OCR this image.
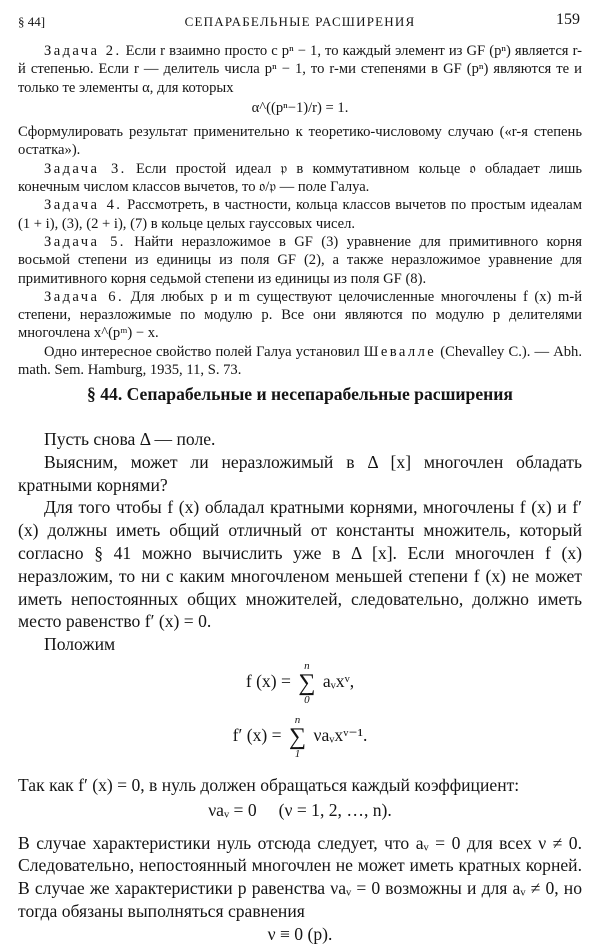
§ 44]	СЕПАРАБЕЛЬНЫЕ РАСШИРЕНИЯ	159

Задача 2. Если r взаимно просто с pⁿ − 1, то каждый элемент из GF (pⁿ) является r-й степенью. Если r — делитель числа pⁿ − 1, то r-ми степенями в GF (pⁿ) являются те и только те элементы α, для которых

α^((pⁿ−1)/r) = 1.

Сформулировать результат применительно к теоретико-числовому случаю («r-я степень остатка»).

Задача 3. Если простой идеал 𝔭 в коммутативном кольце 𝔬 обладает лишь конечным числом классов вычетов, то 𝔬/𝔭 — поле Галуа.

Задача 4. Рассмотреть, в частности, кольца классов вычетов по простым идеалам (1 + i), (3), (2 + i), (7) в кольце целых гауссовых чисел.

Задача 5. Найти неразложимое в GF (3) уравнение для примитивного корня восьмой степени из единицы из поля GF (2), а также неразложимое уравнение для примитивного корня седьмой степени из единицы из поля GF (8).

Задача 6. Для любых p и m существуют целочисленные многочлены f (x) m-й степени, неразложимые по модулю p. Все они являются по модулю p делителями многочлена x^(pᵐ) − x.

Одно интересное свойство полей Галуа установил Шевалле (Chevalley C.). — Abh. math. Sem. Hamburg, 1935, 11, S. 73.

§ 44. Сепарабельные и несепарабельные расширения

Пусть снова Δ — поле.

Выясним, может ли неразложимый в Δ [x] многочлен обладать кратными корнями?

Для того чтобы f (x) обладал кратными корнями, многочлены f (x) и f′ (x) должны иметь общий отличный от константы множитель, который согласно § 41 можно вычислить уже в Δ [x]. Если многочлен f (x) неразложим, то ни с каким многочленом меньшей степени f (x) не может иметь непостоянных общих множителей, следовательно, должно иметь место равенство f′ (x) = 0.

Положим

f (x) =
n
∑
0
aᵥxᵛ,
f′ (x) =
n
∑
1
νaᵥxᵛ⁻¹.

Так как f′ (x) = 0, в нуль должен обращаться каждый коэффициент:

νaᵥ = 0     (ν = 1, 2, …, n).

В случае характеристики нуль отсюда следует, что aᵥ = 0 для всех ν ≠ 0. Следовательно, непостоянный многочлен не может иметь кратных корней. В случае же характеристики p равенства νaᵥ = 0 возможны и для aᵥ ≠ 0, но тогда обязаны выполняться сравнения

ν ≡ 0 (p).
